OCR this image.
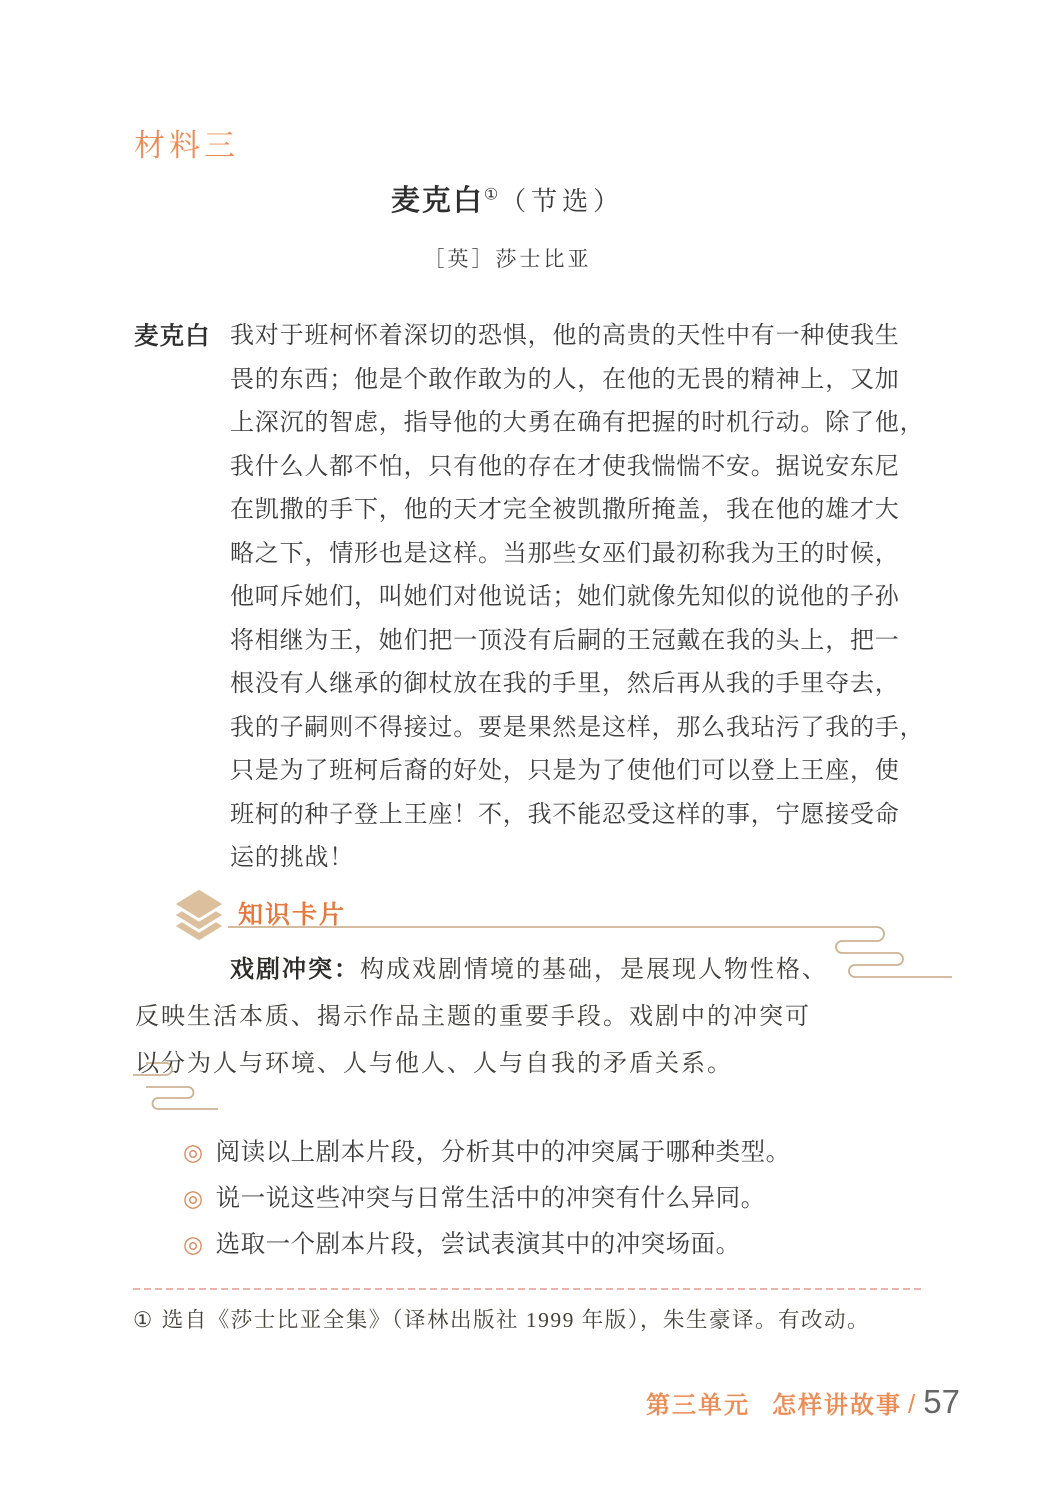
材料三
麦克白①（节选）
［英］莎士比亚
麦克白 我对于班柯怀着深切的恐惧，他的高贵的天性中有一种使我生
畏的东西；他是个敢作敢为的人，在他的无畏的精神上，又加
上深沉的智虑，指导他的大勇在确有把握的时机行动。除了他，
我什么人都不怕，只有他的存在才使我惴惴不安。据说安东尼
在凯撒的手下，他的天才完全被凯撒所掩盖，我在他的雄才大
略之下，情形也是这样。当那些女巫们最初称我为王的时候，
他呵斥她们，叫她们对他说话；她们就像先知似的说他的子孙
将相继为王，她们把一顶没有后嗣的王冠戴在我的头上，把一
根没有人继承的御杖放在我的手里，然后再从我的手里夺去，
我的子嗣则不得接过。要是果然是这样，那么我玷污了我的手，
只是为了班柯后裔的好处，只是为了使他们可以登上王座，使
班柯的种子登上王座！不，我不能忍受这样的事，宁愿接受命
运的挑战！
知识卡片
戏剧冲突：构成戏剧情境的基础，是展现人物性格、
反映生活本质、揭示作品主题的重要手段。戏剧中的冲突可
以分为人与环境、人与他人、人与自我的矛盾关系。
◎ 阅读以上剧本片段，分析其中的冲突属于哪种类型。
◎ 说一说这些冲突与日常生活中的冲突有什么异同。
◎ 选取一个剧本片段，尝试表演其中的冲突场面。
① 选自《莎士比亚全集》（译林出版社 1999 年版），朱生豪译。有改动。
第三单元 怎样讲故事 / 57
